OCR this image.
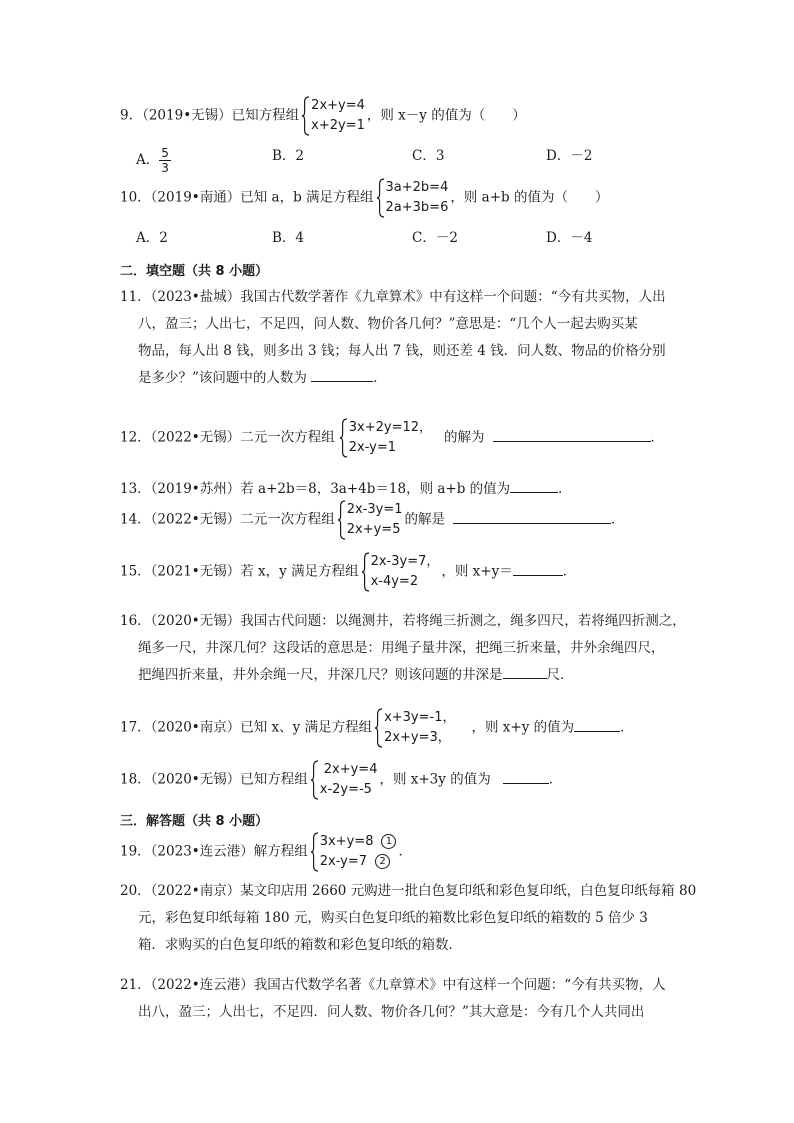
9．（2019•无锡）已知方程组
2x+y=4
x+2y=1
，则 x－y 的值为（　　）
A． $\frac{5}{3}$	B．2	C．3	D．－2
10．（2019•南通）已知 a，b 满足方程组
3a+2b=4
2a+3b=6
，则 a+b 的值为（　　）
A．2	B．4	C．－2	D．－4
二．填空题（共 8 小题）
11．（2023•盐城）我国古代数学著作《九章算术》中有这样一个问题：“今有共买物，人出
八，盈三；人出七，不足四，问人数、物价各几何？”意思是：“几个人一起去购买某
物品，每人出 8 钱，则多出 3 钱；每人出 7 钱，则还差 4 钱．问人数、物品的价格分别
是多少？”该问题中的人数为	．
12．（2022•无锡）二元一次方程组
3x+2y=12，
2x-y=1
的解为	．
13．（2019•苏州）若 a+2b＝8，3a+4b＝18，则 a+b 的值为	．
14．（2022•无锡）二元一次方程组
2x-3y=1
2x+y=5
的解是	．
15．（2021•无锡）若 x，y 满足方程组
2x-3y=7，
x-4y=2
，则 x+y＝	．
16．（2020•无锡）我国古代问题：以绳测井，若将绳三折测之，绳多四尺，若将绳四折测之，
绳多一尺，井深几何？这段话的意思是：用绳子量井深，把绳三折来量，井外余绳四尺，
把绳四折来量，井外余绳一尺，井深几尺？则该问题的井深是	尺．
17．（2020•南京）已知 x、y 满足方程组
x+3y=-1，
2x+y=3，
，则 x+y 的值为	．
18．（2020•无锡）已知方程组
2x+y=4
x-2y=-5
，则 x+3y 的值为	．
三．解答题（共 8 小题）
19．（2023•连云港）解方程组
3x+y=8 1
2x-y=7 2
．
20．（2022•南京）某文印店用 2660 元购进一批白色复印纸和彩色复印纸，白色复印纸每箱 80
元，彩色复印纸每箱 180 元，购买白色复印纸的箱数比彩色复印纸的箱数的 5 倍少 3
箱．求购买的白色复印纸的箱数和彩色复印纸的箱数．
21．（2022•连云港）我国古代数学名著《九章算术》中有这样一个问题：“今有共买物，人
出八，盈三；人出七，不足四．问人数、物价各几何？”其大意是：今有几个人共同出
